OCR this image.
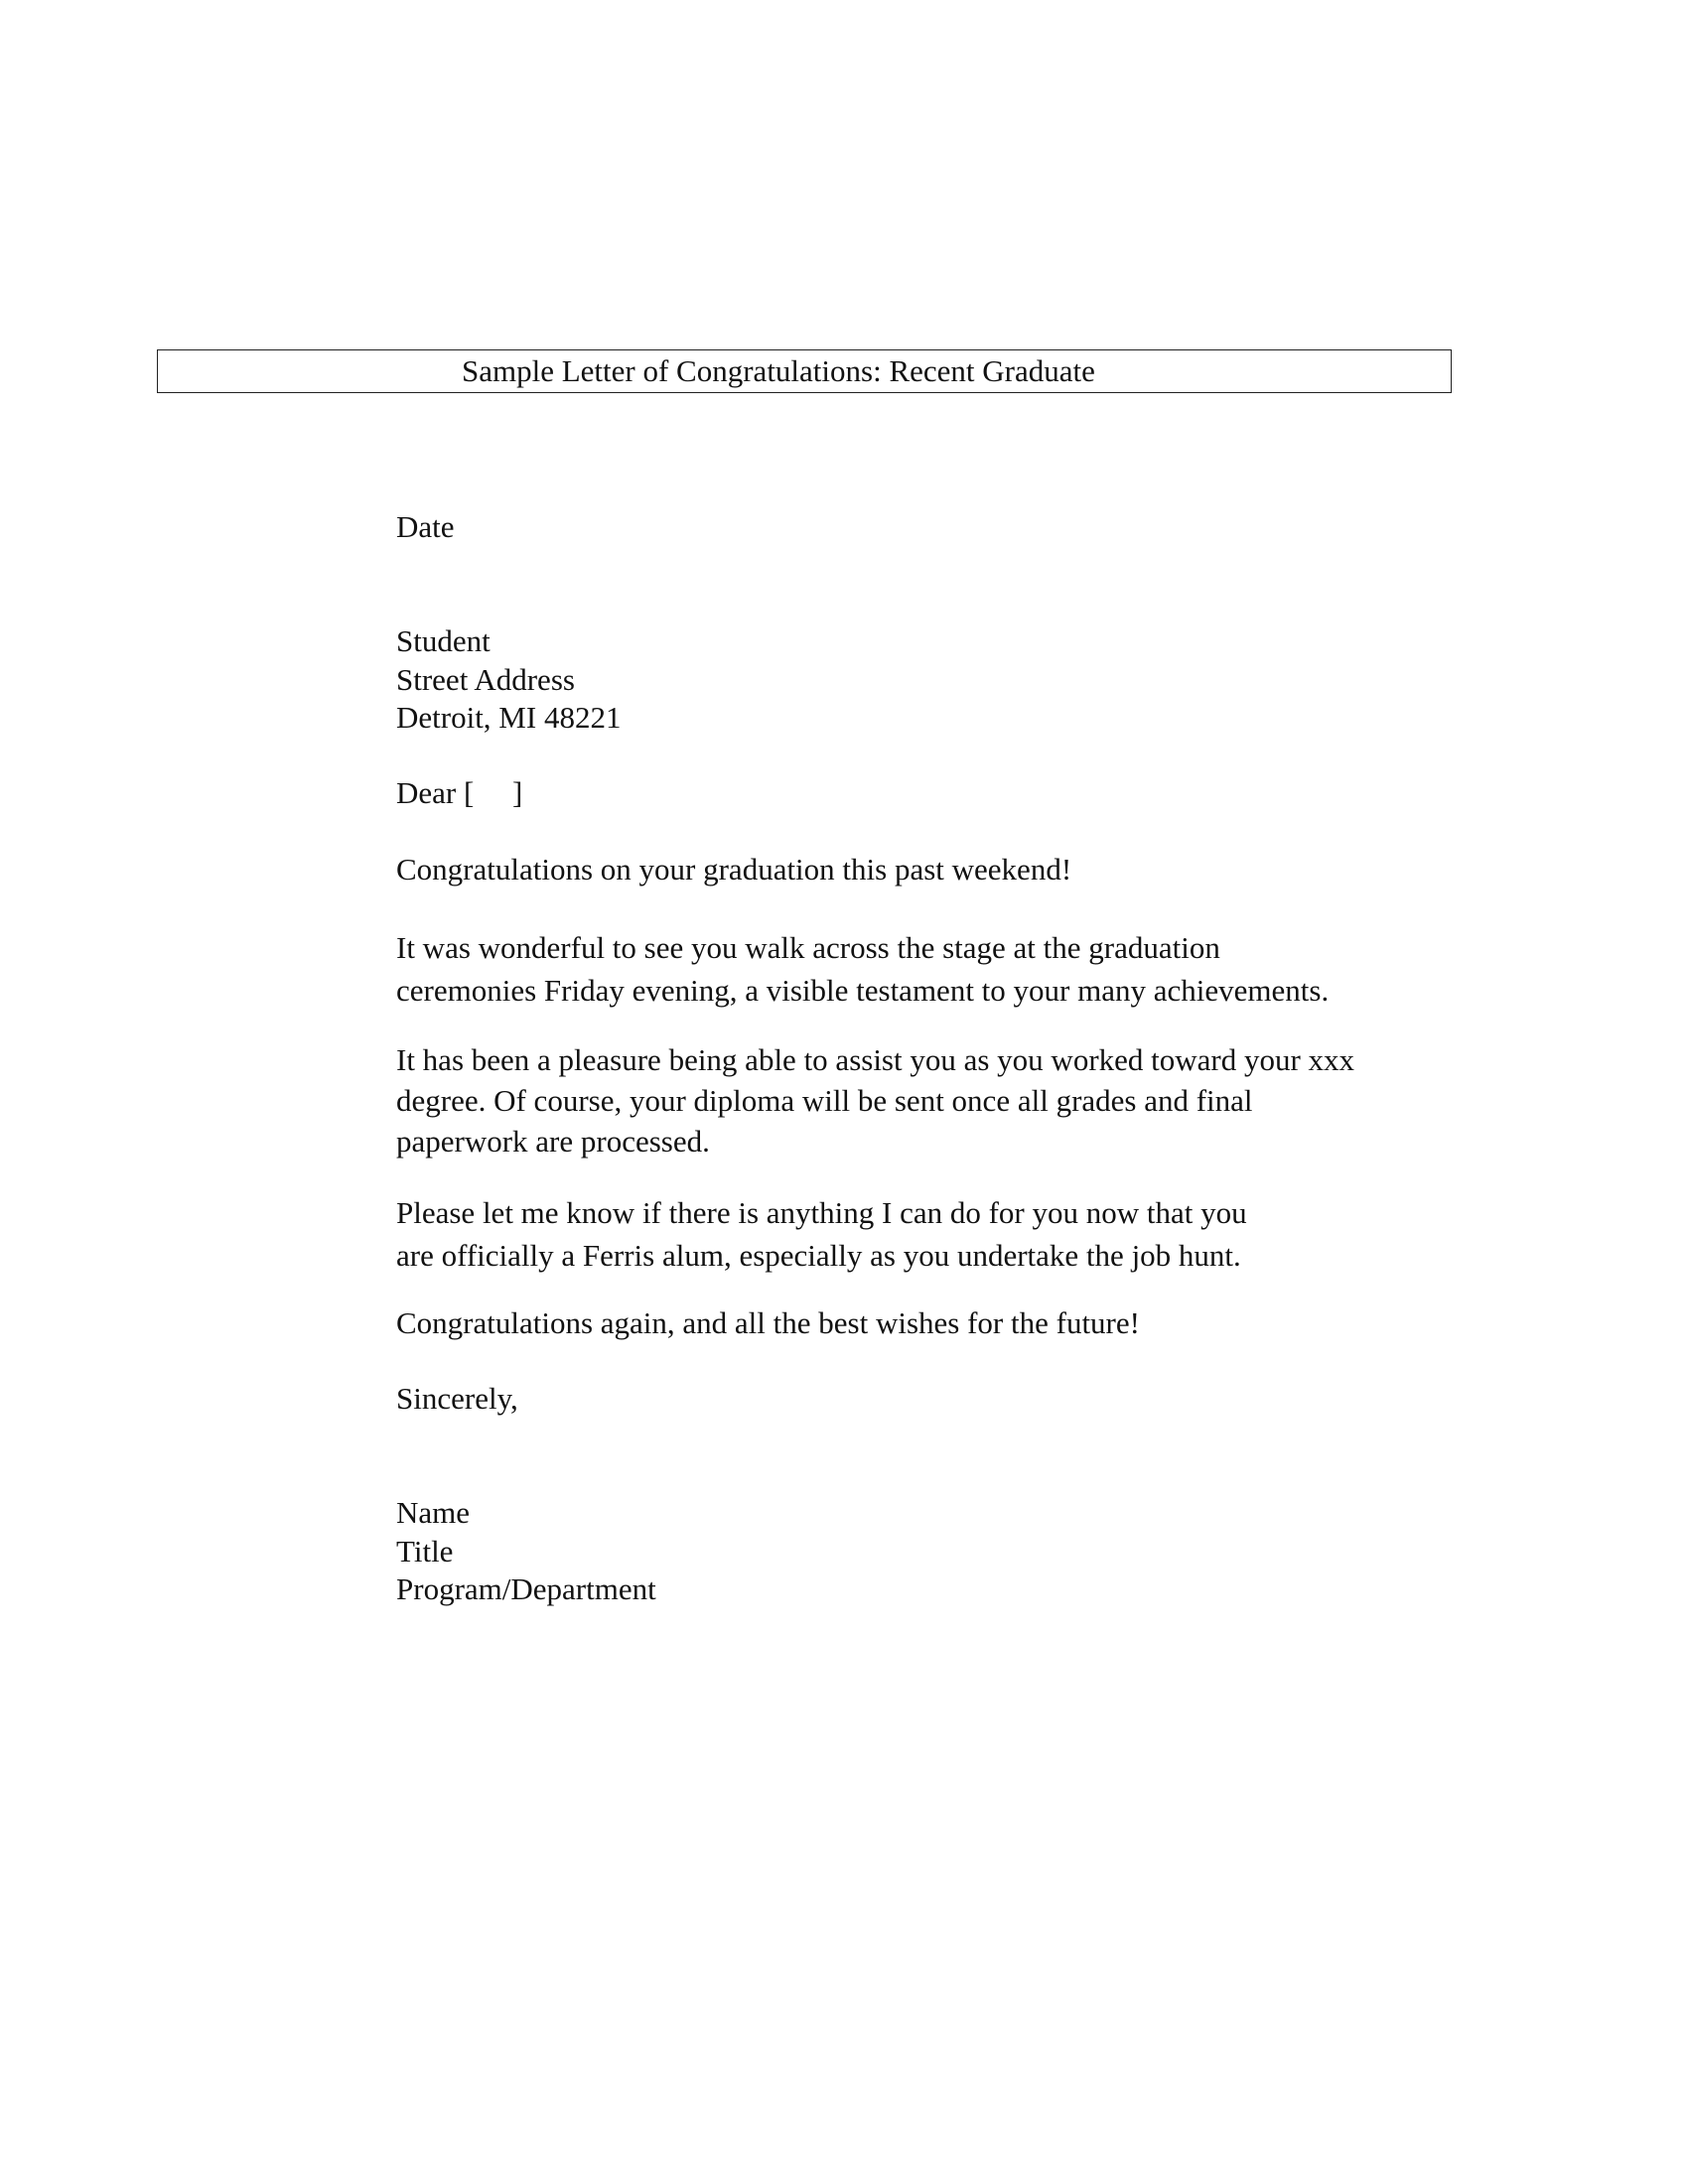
Sample Letter of Congratulations: Recent Graduate
Date
Student
Street Address
Detroit, MI 48221
Dear [     ]
Congratulations on your graduation this past weekend!
It was wonderful to see you walk across the stage at the graduation
ceremonies Friday evening, a visible testament to your many achievements.
It has been a pleasure being able to assist you as you worked toward your xxx
degree. Of course, your diploma will be sent once all grades and final
paperwork are processed.
Please let me know if there is anything I can do for you now that you
are officially a Ferris alum, especially as you undertake the job hunt.
Congratulations again, and all the best wishes for the future!
Sincerely,
Name
Title
Program/Department
